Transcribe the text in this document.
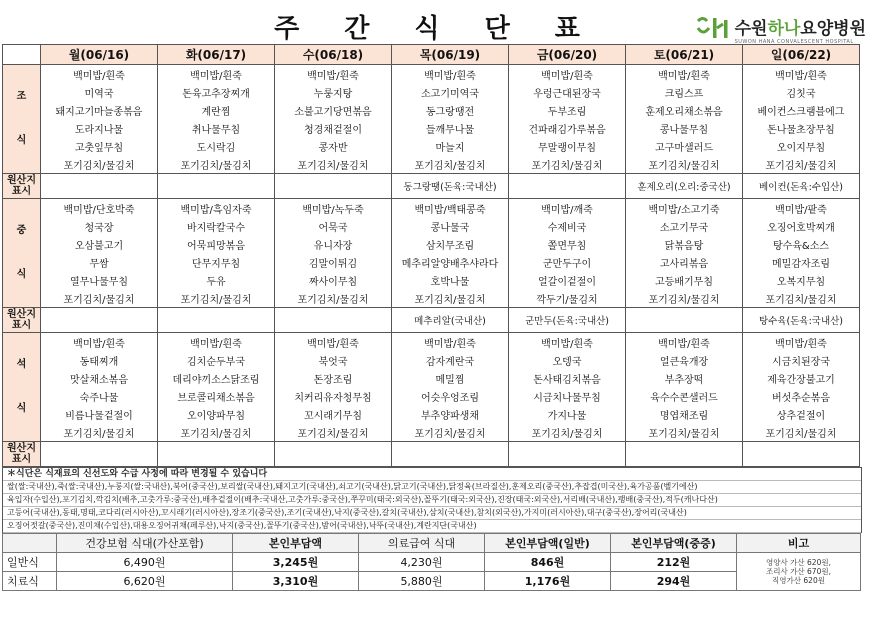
주 간 식 단 표	수원하나요양병원
SUWON HANA CONVALESCENT HOSPITAL
	월(06/16)	화(06/17)	수(06/18)	목(06/19)	금(06/20)	토(06/21)	일(06/22)

조
식	백미밥/흰죽	백미밥/흰죽	백미밥/흰죽	백미밥/흰죽	백미밥/흰죽	백미밥/흰죽	백미밥/흰죽
	미역국	돈육고추장찌개	누룽지탕	소고기미역국	우렁근대된장국	크림스프	김칫국
	돼지고기마늘종볶음	계란찜	소불고기당면볶음	동그랑땡전	두부조림	훈제오리채소볶음	베이컨스크램블에그
	도라지나물	취나물무침	청경채겉절이	들깨무나물	건파래김가루볶음	콩나물무침	돈나물초장무침
	고춧잎무침	도시락김	콩자반	마늘지	무말랭이무침	고구마샐러드	오이지무침
	포기김치/물김치	포기김치/물김치	포기김치/물김치	포기김치/물김치	포기김치/물김치	포기김치/물김치	포기김치/물김치

원산지
표시				동그랑땡(돈육:국내산)		훈제오리(오리:중국산)	베이컨(돈육:수입산)

중
식	백미밥/단호박죽	백미밥/흑임자죽	백미밥/녹두죽	백미밥/백태콩죽	백미밥/깨죽	백미밥/소고기죽	백미밥/팥죽
	청국장	바지락칼국수	어묵국	콩나물국	수제비국	소고기무국	오징어호박찌개
	오삼불고기	어묵피망볶음	유니자장	삼치무조림	쫄면무침	닭볶음탕	탕수육&소스
	무쌈	단무지무침	김말이튀김	메추리알양배추샤라다	군만두구이	고사리볶음	메밀감자조림
	열무나물무침	두유	짜사이무침	호박나물	얼갈이겉절이	고등배기무침	오복지무침
	포기김치/물김치	포기김치/물김치	포기김치/물김치	포기김치/물김치	깍두기/물김치	포기김치/물김치	포기김치/물김치

원산지
표시				메추리알(국내산)	군만두(돈육:국내산)		탕수육(돈육:국내산)

석
식	백미밥/흰죽	백미밥/흰죽	백미밥/흰죽	백미밥/흰죽	백미밥/흰죽	백미밥/흰죽	백미밥/흰죽
	동태찌개	김치순두부국	북엇국	감자계란국	오뎅국	얼큰육개장	시금치된장국
	맛살채소볶음	데리야끼소스닭조림	돈장조림	메밀찜	돈사태김치볶음	부추장떡	제육간장불고기
	숙주나물	브로콜리채소볶음	치커리유자청무침	어슷우엉조림	시금치나물무침	육수수콘샐러드	버섯추순볶음
	비름나물겉절이	오이양파무침	꼬시래기무침	부추양파생채	가지나물	명엽채조림	상추겉절이
	포기김치/물김치	포기김치/물김치	포기김치/물김치	포기김치/물김치	포기김치/물김치	포기김치/물김치	포기김치/물김치

원산지
표시							

＊식단은 식재료의 신선도와 수급 사정에 따라 변경될 수 있습니다
쌀(쌀:국내산),죽(쌀:국내산),누룽지(쌀:국내산),북어(중국산),보리쌀(국내산),돼지고기(국내산),쇠고기(국내산),닭고기(국내산),닭정육(브라질산),훈제오리(중국산),추잡겹(미국산),육가공품(벨기에산)
육입자(수입산),포기김치,깍김치(배추,고춧가루:중국산),배추겉절이(배추:국내산,고춧가루:중국산),쭈꾸미(태국:외국산),꼴뚜기(태국:외국산),진장(태국:외국산),서리배(국내산),팽배(중국산),적두(캐나다산)
고등어(국내산),동태,명태,코다리(러시아산),꼬시래기(러시아산),장조기(중국산),조기(국내산),낙지(중국산),갈치(국내산),삼치(국내산),참치(외국산),가지미(러시아산),대구(중국산),장어리(국내산)
오징어젓갈(중국산),진미채(수입산),대용오징어귀채(페루산),낙지(중국산),꼴뚜기(중국산),밤어(국내산),낙뚜(국내산),계란지단(국내산)
	건강보험 식대(가산포함)	본인부담액	의료급여 식대	본인부담액(일반)	본인부담액(중증)	비고
일반식	6,490원	3,245원	4,230원	846원	212원	영양사 가산 620원,
조리사 가산 670원,
직영가산 620원

치료식	6,620원	3,310원	5,880원	1,176원	294원	
